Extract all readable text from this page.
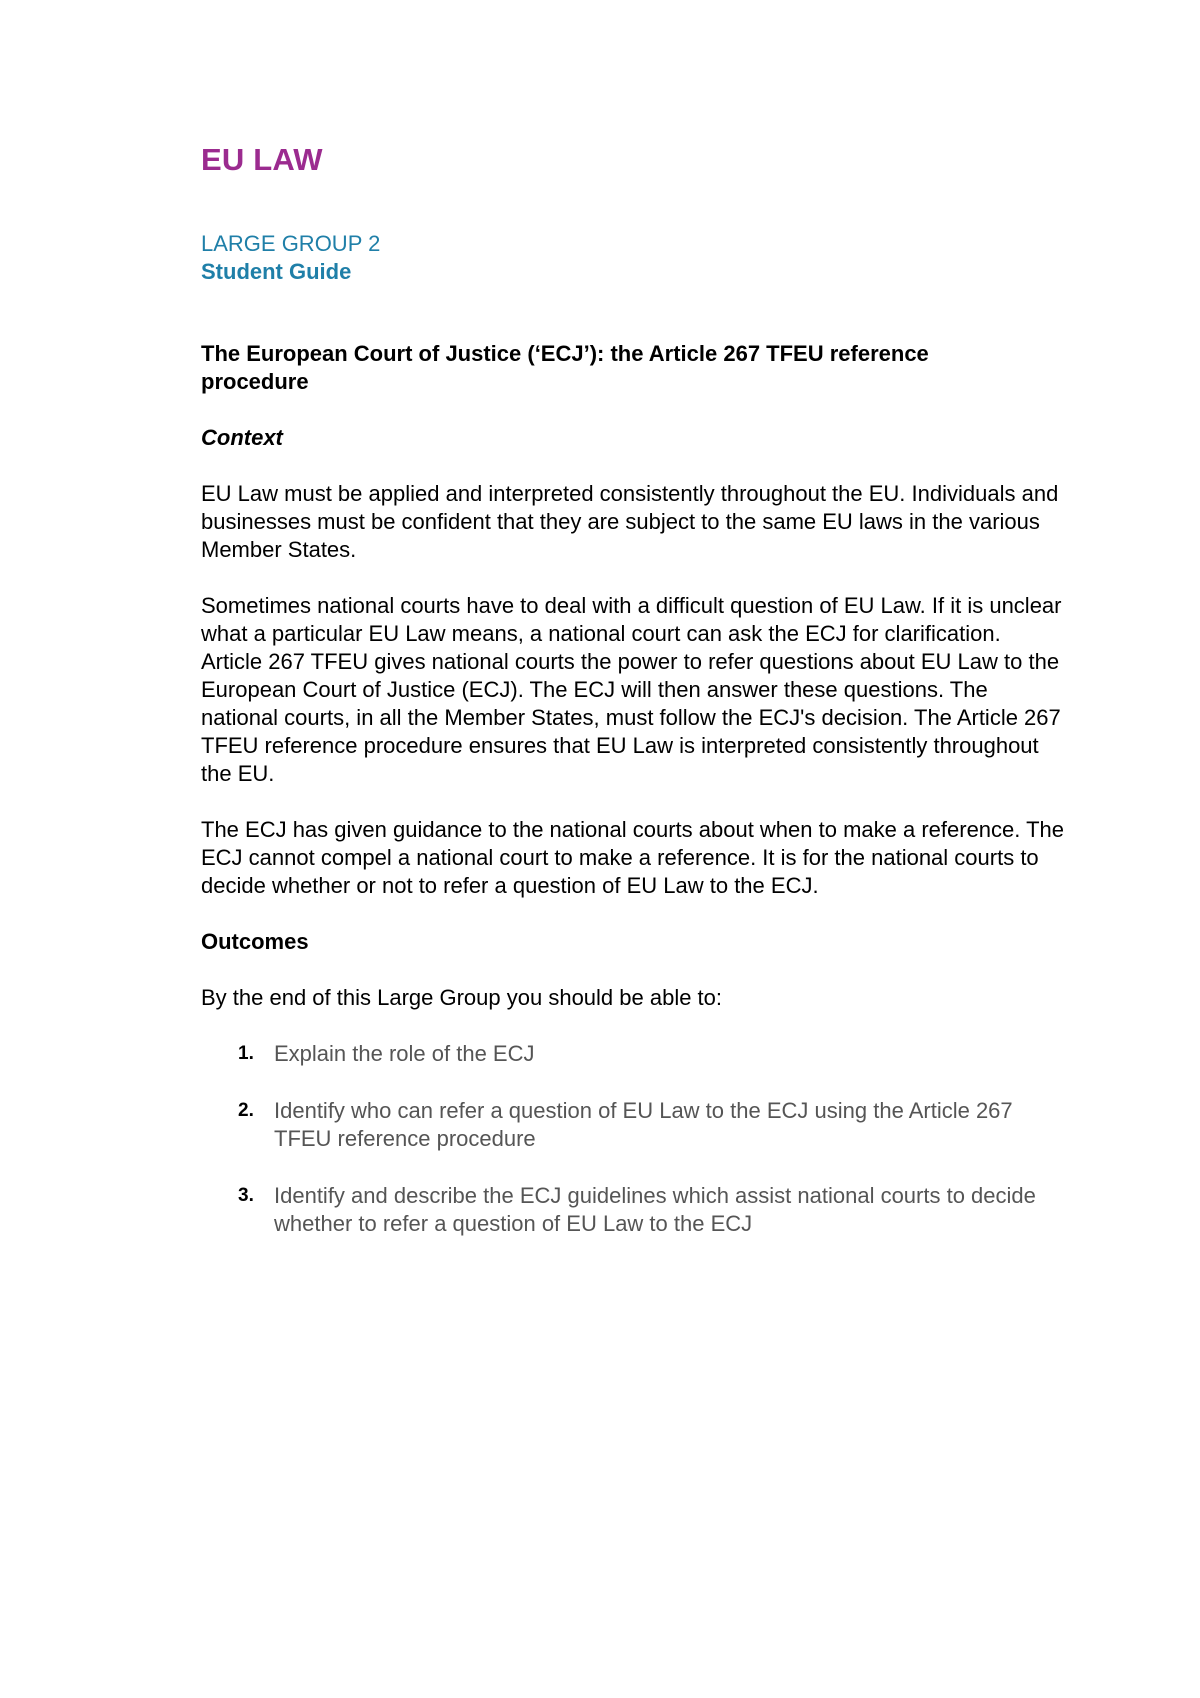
EU LAW
LARGE GROUP 2
Student Guide
The European Court of Justice (‘ECJ’): the Article 267 TFEU reference procedure
Context

EU Law must be applied and interpreted consistently throughout the EU. Individuals and businesses must be confident that they are subject to the same EU laws in the various Member States.

Sometimes national courts have to deal with a difficult question of EU Law. If it is unclear what a particular EU Law means, a national court can ask the ECJ for clarification. Article 267 TFEU gives national courts the power to refer questions about EU Law to the European Court of Justice (ECJ). The ECJ will then answer these questions. The national courts, in all the Member States, must follow the ECJ's decision. The Article 267 TFEU reference procedure ensures that EU Law is interpreted consistently throughout the EU.

The ECJ has given guidance to the national courts about when to make a reference. The ECJ cannot compel a national court to make a reference. It is for the national courts to decide whether or not to refer a question of EU Law to the ECJ.

Outcomes

By the end of this Large Group you should be able to:

1. Explain the role of the ECJ
2. Identify who can refer a question of EU Law to the ECJ using the Article 267 TFEU reference procedure
3. Identify and describe the ECJ guidelines which assist national courts to decide whether to refer a question of EU Law to the ECJ
